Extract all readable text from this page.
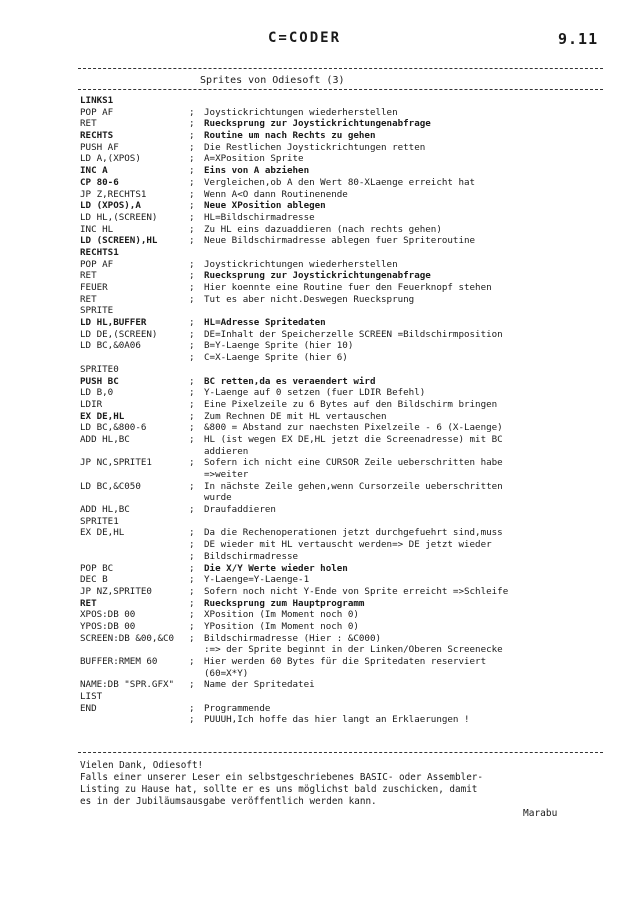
C=CODER	9.11
Sprites von Odiesoft (3)
LINKS1
POP AF	; Joystickrichtungen wiederherstellen
RET	; Ruecksprung zur Joystickrichtungenabfrage
RECHTS	; Routine um nach Rechts zu gehen
PUSH AF	; Die Restlichen Joystickrichtungen retten
LD A,(XPOS)	; A=XPosition Sprite
INC A	; Eins von A abziehen
CP 80-6	; Vergleichen,ob A den Wert 80-XLaenge erreicht hat
JP Z,RECHTS1	; Wenn A<O dann Routinenende
LD (XPOS),A	; Neue XPosition ablegen
LD HL,(SCREEN)	; HL=Bildschirmadresse
INC HL	; Zu HL eins dazuaddieren (nach rechts gehen)
LD (SCREEN),HL	; Neue Bildschirmadresse ablegen fuer Spriteroutine
RECHTS1
POP AF	; Joystickrichtungen wiederherstellen
RET	; Ruecksprung zur Joystickrichtungenabfrage
FEUER	; Hier koennte eine Routine fuer den Feuerknopf stehen
RET	; Tut es aber nicht.Deswegen Ruecksprung
SPRITE
LD HL,BUFFER	; HL=Adresse Spritedaten
LD DE,(SCREEN)	; DE=Inhalt der Speicherzelle SCREEN =Bildschirmposition
LD BC,&0A06	; B=Y-Laenge Sprite (hier 10)
; C=X-Laenge Sprite (hier 6)
SPRITE0
PUSH BC	; BC retten,da es veraendert wird
LD B,0	; Y-Laenge auf 0 setzen (fuer LDIR Befehl)
LDIR	; Eine Pixelzeile zu 6 Bytes auf den Bildschirm bringen
EX DE,HL	; Zum Rechnen DE mit HL vertauschen
LD BC,&800-6	; &800 = Abstand zur naechsten Pixelzeile - 6 (X-Laenge)
ADD HL,BC	; HL (ist wegen EX DE,HL jetzt die Screenadresse) mit BC
addieren
JP NC,SPRITE1	; Sofern ich nicht eine CURSOR Zeile ueberschritten habe
=>weiter
LD BC,&C050	; In nächste Zeile gehen,wenn Cursorzeile ueberschritten
wurde
ADD HL,BC	; Draufaddieren
SPRITE1
EX DE,HL	; Da die Rechenoperationen jetzt durchgefuehrt sind,muss
; DE wieder mit HL vertauscht werden=> DE jetzt wieder
; Bildschirmadresse
POP BC	; Die X/Y Werte wieder holen
DEC B	; Y-Laenge=Y-Laenge-1
JP NZ,SPRITE0	; Sofern noch nicht Y-Ende von Sprite erreicht =>Schleife
RET	; Ruecksprung zum Hauptprogramm
XPOS:DB 00	; XPosition (Im Moment noch 0)
YPOS:DB 00	; YPosition (Im Moment noch 0)
SCREEN:DB &00,&C0 ; Bildschirmadresse (Hier : &C000)
:=> der Sprite beginnt in der Linken/Oberen Screenecke
BUFFER:RMEM 60	; Hier werden 60 Bytes für die Spritedaten reserviert
(60=X*Y)
NAME:DB "SPR.GFX" ; Name der Spritedatei
LIST
END	; Programmende
; PUUUH,Ich hoffe das hier langt an Erklaerungen !
Vielen Dank, Odiesoft!
Falls einer unserer Leser ein selbstgeschriebenes BASIC- oder Assembler-
Listing zu Hause hat, sollte er es uns möglichst bald zuschicken, damit
es in der Jubiläumsausgabe veröffentlich werden kann.
Marabu
